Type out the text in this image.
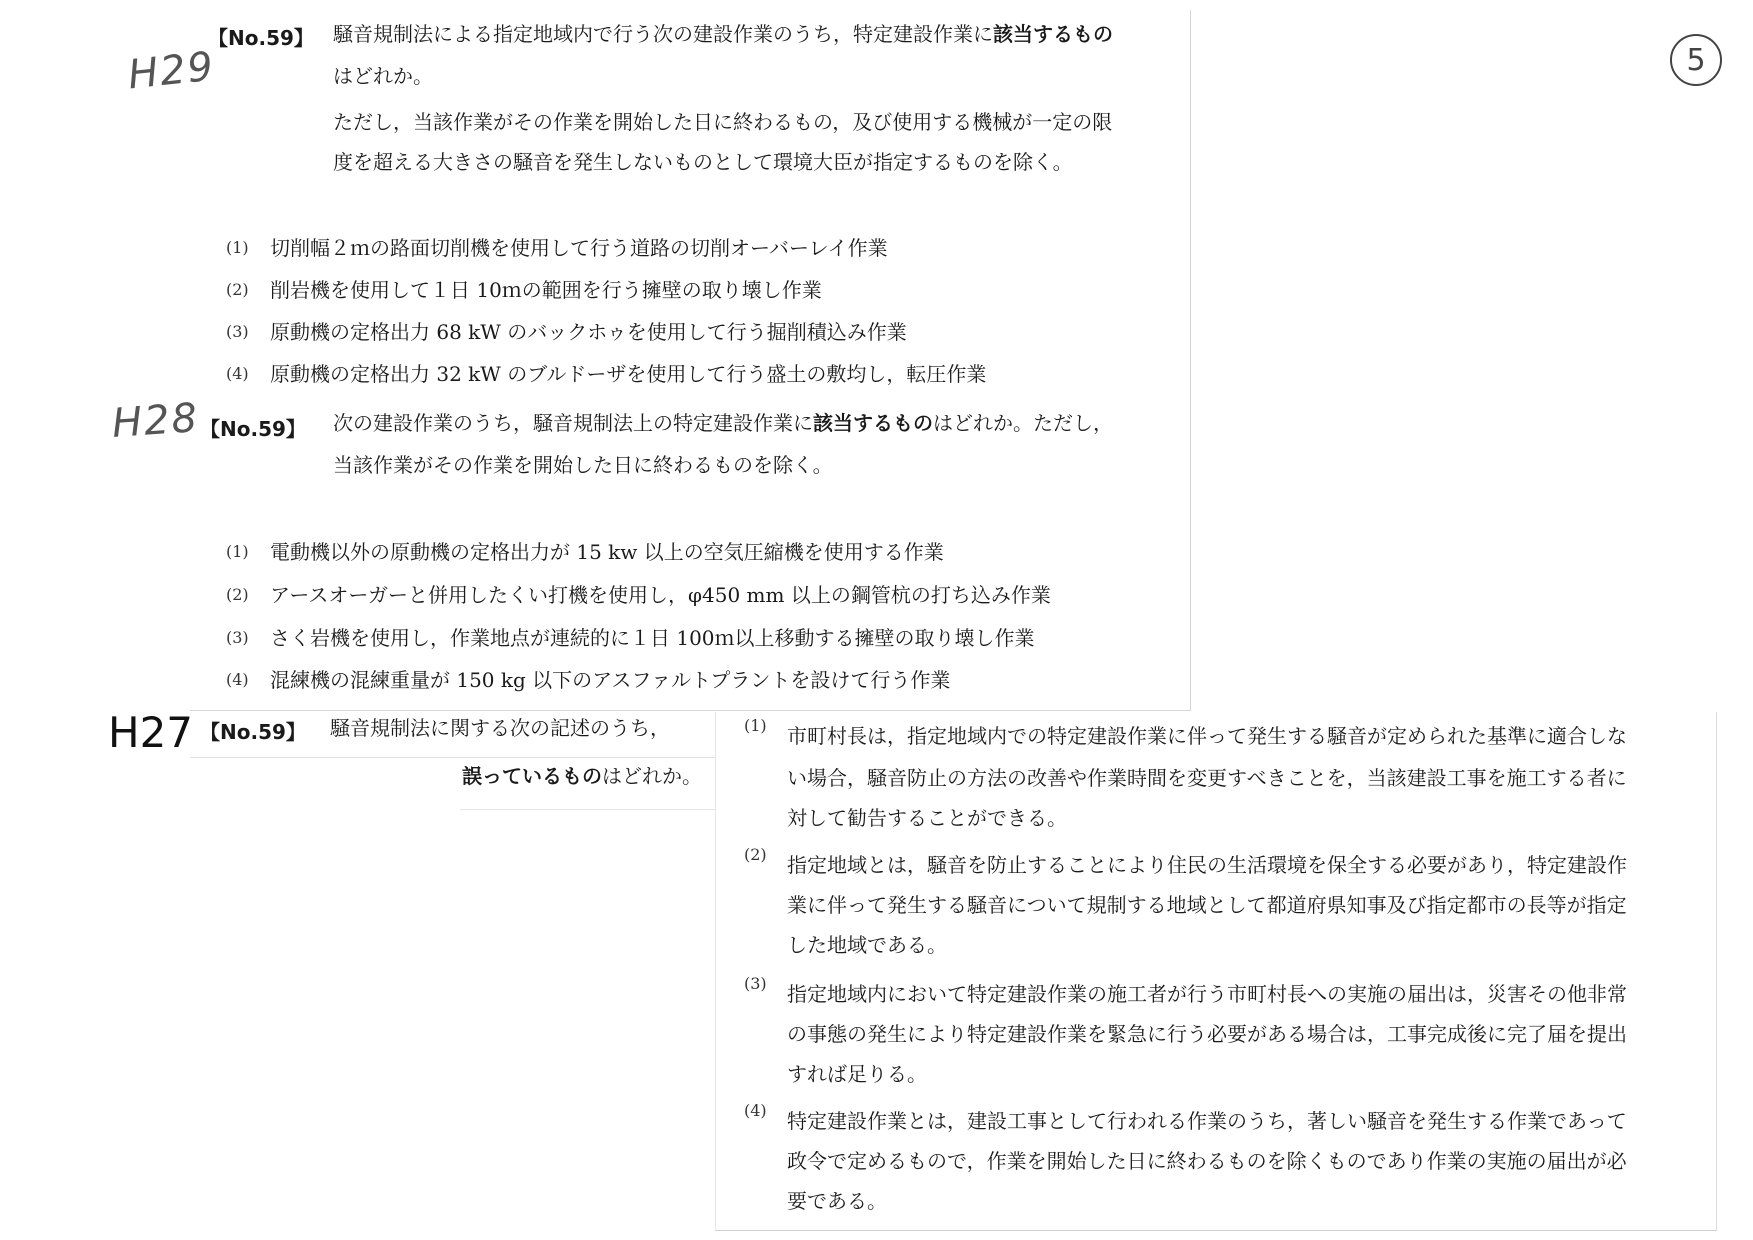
H29
H28
H27
5
【No.59】 騒音規制法による指定地域内で行う次の建設作業のうち，特定建設作業に該当するもの
はどれか。
ただし，当該作業がその作業を開始した日に終わるもの，及び使用する機械が一定の限
度を超える大きさの騒音を発生しないものとして環境大臣が指定するものを除く。
(1) 切削幅２ｍの路面切削機を使用して行う道路の切削オーバーレイ作業
(2) 削岩機を使用して１日 10ｍの範囲を行う擁壁の取り壊し作業
(3) 原動機の定格出力 68 kW のバックホゥを使用して行う掘削積込み作業
(4) 原動機の定格出力 32 kW のブルドーザを使用して行う盛土の敷均し，転圧作業
【No.59】 次の建設作業のうち，騒音規制法上の特定建設作業に該当するものはどれか。ただし，
当該作業がその作業を開始した日に終わるものを除く。
(1) 電動機以外の原動機の定格出力が 15 kw 以上の空気圧縮機を使用する作業
(2) アースオーガーと併用したくい打機を使用し，φ450 mm 以上の鋼管杭の打ち込み作業
(3) さく岩機を使用し，作業地点が連続的に１日 100ｍ以上移動する擁壁の取り壊し作業
(4) 混練機の混練重量が 150 kg 以下のアスファルトプラントを設けて行う作業
【No.59】 騒音規制法に関する次の記述のうち，
誤っているものはどれか。
(1) 市町村長は，指定地域内での特定建設作業に伴って発生する騒音が定められた基準に適合しな
い場合，騒音防止の方法の改善や作業時間を変更すべきことを，当該建設工事を施工する者に
対して勧告することができる。
(2) 指定地域とは，騒音を防止することにより住民の生活環境を保全する必要があり，特定建設作
業に伴って発生する騒音について規制する地域として都道府県知事及び指定都市の長等が指定
した地域である。
(3) 指定地域内において特定建設作業の施工者が行う市町村長への実施の届出は，災害その他非常
の事態の発生により特定建設作業を緊急に行う必要がある場合は，工事完成後に完了届を提出
すれば足りる。
(4) 特定建設作業とは，建設工事として行われる作業のうち，著しい騒音を発生する作業であって
政令で定めるもので，作業を開始した日に終わるものを除くものであり作業の実施の届出が必
要である。
